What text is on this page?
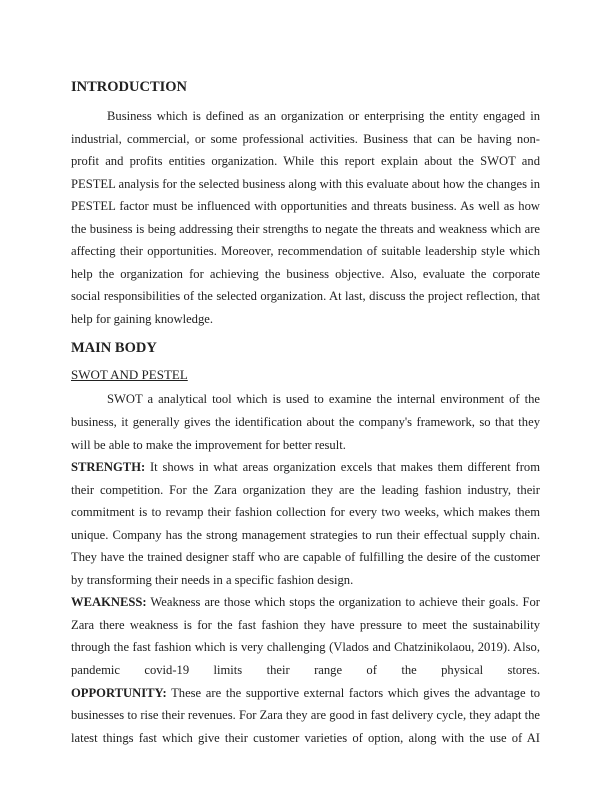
INTRODUCTION

Business which is defined as an organization or enterprising the entity engaged in industrial, commercial, or some professional activities. Business that can be having non-profit and profits entities organization. While this report explain about the SWOT and PESTEL analysis for the selected business along with this evaluate about how the changes in PESTEL factor must be influenced with opportunities and threats business. As well as how the business is being addressing their strengths to negate the threats and weakness which are affecting their opportunities. Moreover, recommendation of suitable leadership style which help the organization for achieving the business objective. Also, evaluate the corporate social responsibilities of the selected organization. At last, discuss the project reflection, that help for gaining knowledge.

MAIN BODY
SWOT AND PESTEL

SWOT a analytical tool which is used to examine the internal environment of the business, it generally gives the identification about the company's framework, so that they will be able to make the improvement for better result.

STRENGTH: It shows in what areas organization excels that makes them different from their competition. For the Zara organization they are the leading fashion industry, their commitment is to revamp their fashion collection for every two weeks, which makes them unique. Company has the strong management strategies to run their effectual supply chain. They have the trained designer staff who are capable of fulfilling the desire of the customer by transforming their needs in a specific fashion design.

WEAKNESS: Weakness are those which stops the organization to achieve their goals. For Zara there weakness is for the fast fashion they have pressure to meet the sustainability through the fast fashion which is very challenging (Vlados and Chatzinikolaou, 2019). Also, pandemic covid-19 limits their range of the physical stores.

OPPORTUNITY: These are the supportive external factors which gives the advantage to businesses to rise their revenues. For Zara they are good in fast delivery cycle, they adapt the latest things fast which give their customer varieties of option, along with the use of AI
